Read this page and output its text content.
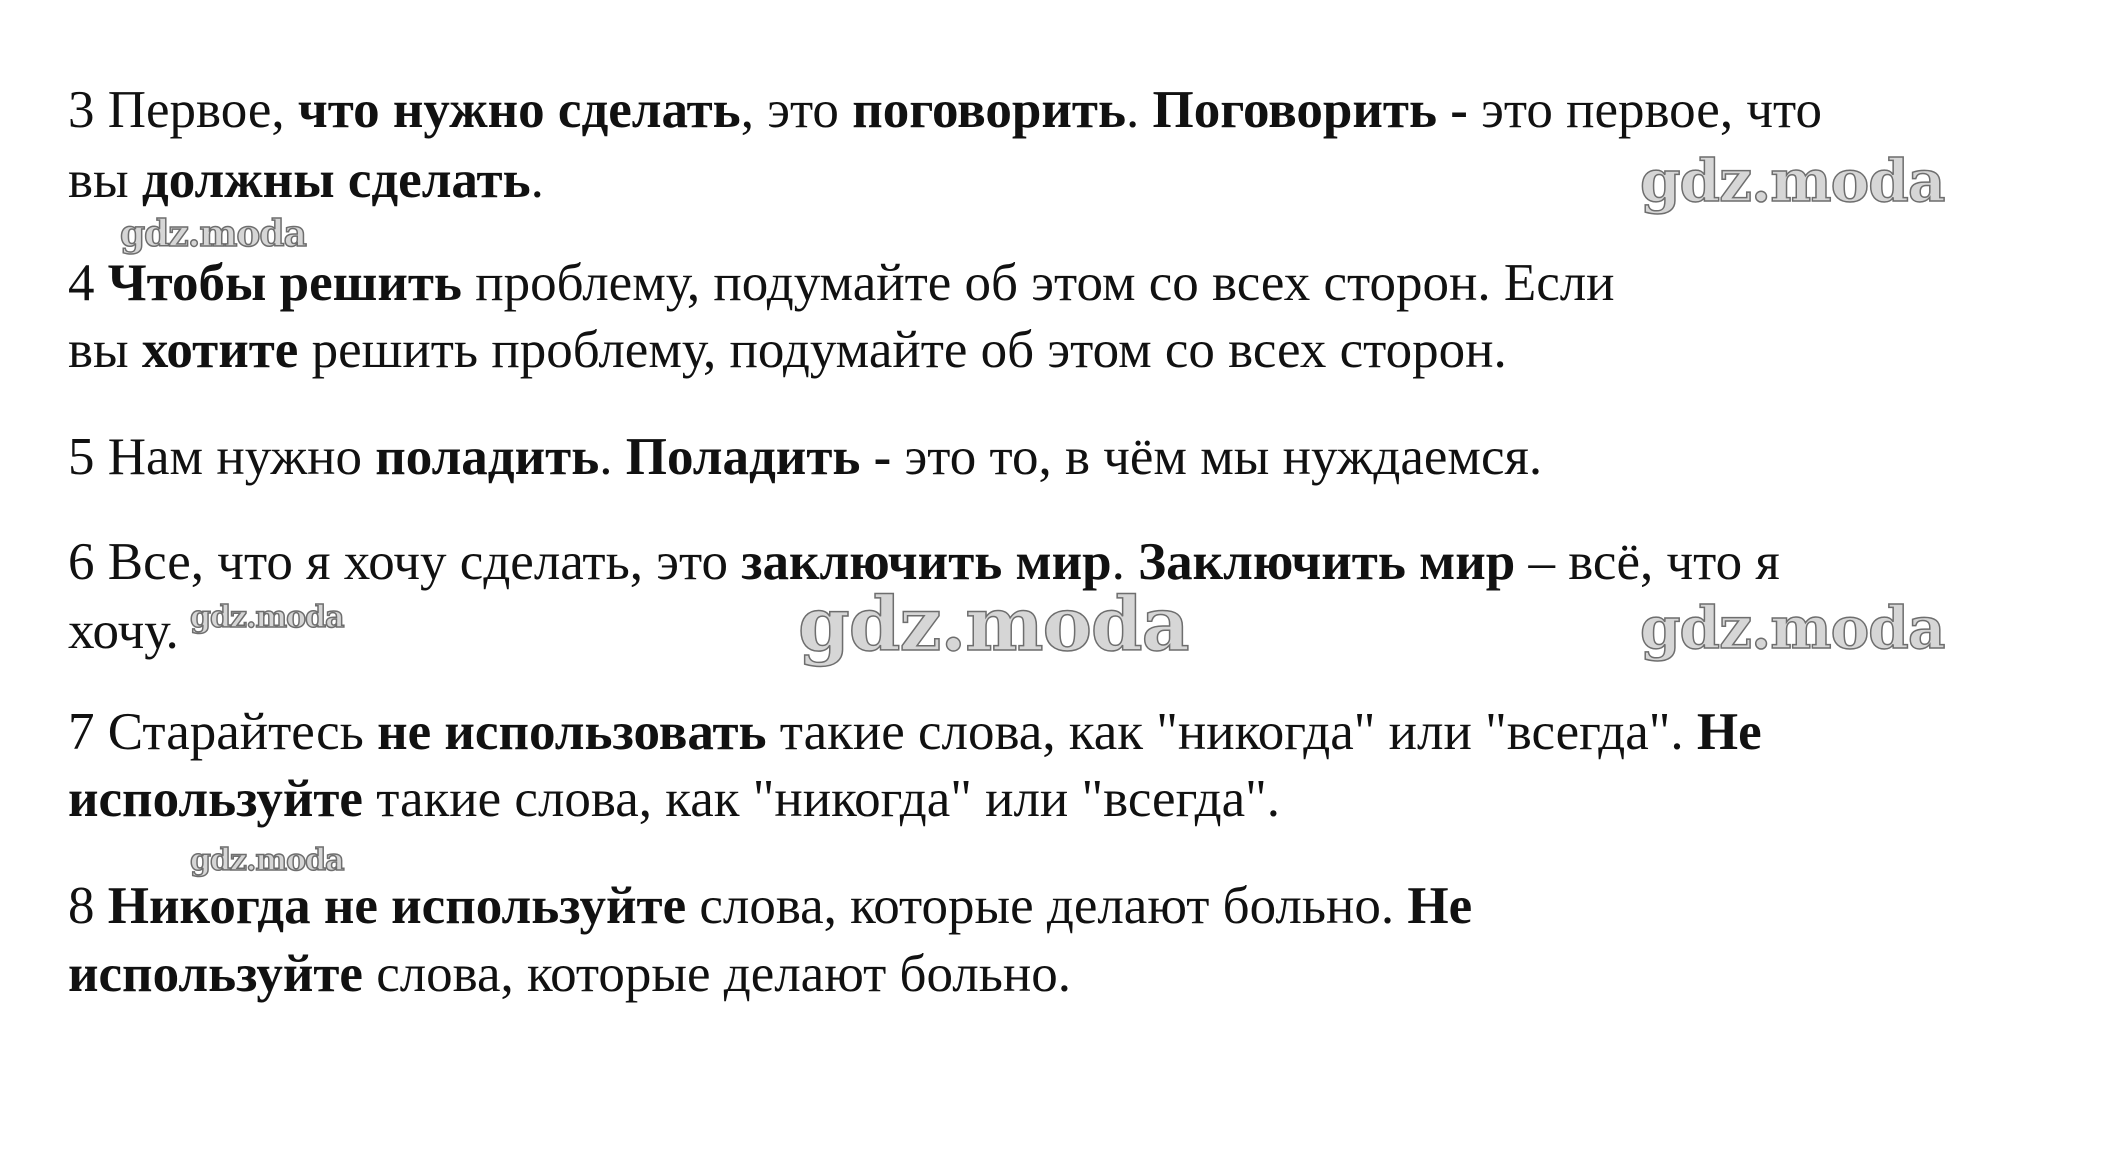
3 Первое, что нужно сделать, это поговорить. Поговорить - это первое, что

вы должны сделать.

4 Чтобы решить проблему, подумайте об этом со всех сторон. Если

вы хотите решить проблему, подумайте об этом со всех сторон.

5 Нам нужно поладить. Поладить - это то, в чём мы нуждаемся.

6 Все, что я хочу сделать, это заключить мир. Заключить мир – всё, что я

хочу.

7 Старайтесь не использовать такие слова, как "никогда" или "всегда". Не

используйте такие слова, как "никогда" или "всегда".

8 Никогда не используйте слова, которые делают больно. Не

используйте слова, которые делают больно.

gdz.moda
gdz.moda
gdz.moda	gdz.moda
gdz.moda
gdz.moda
